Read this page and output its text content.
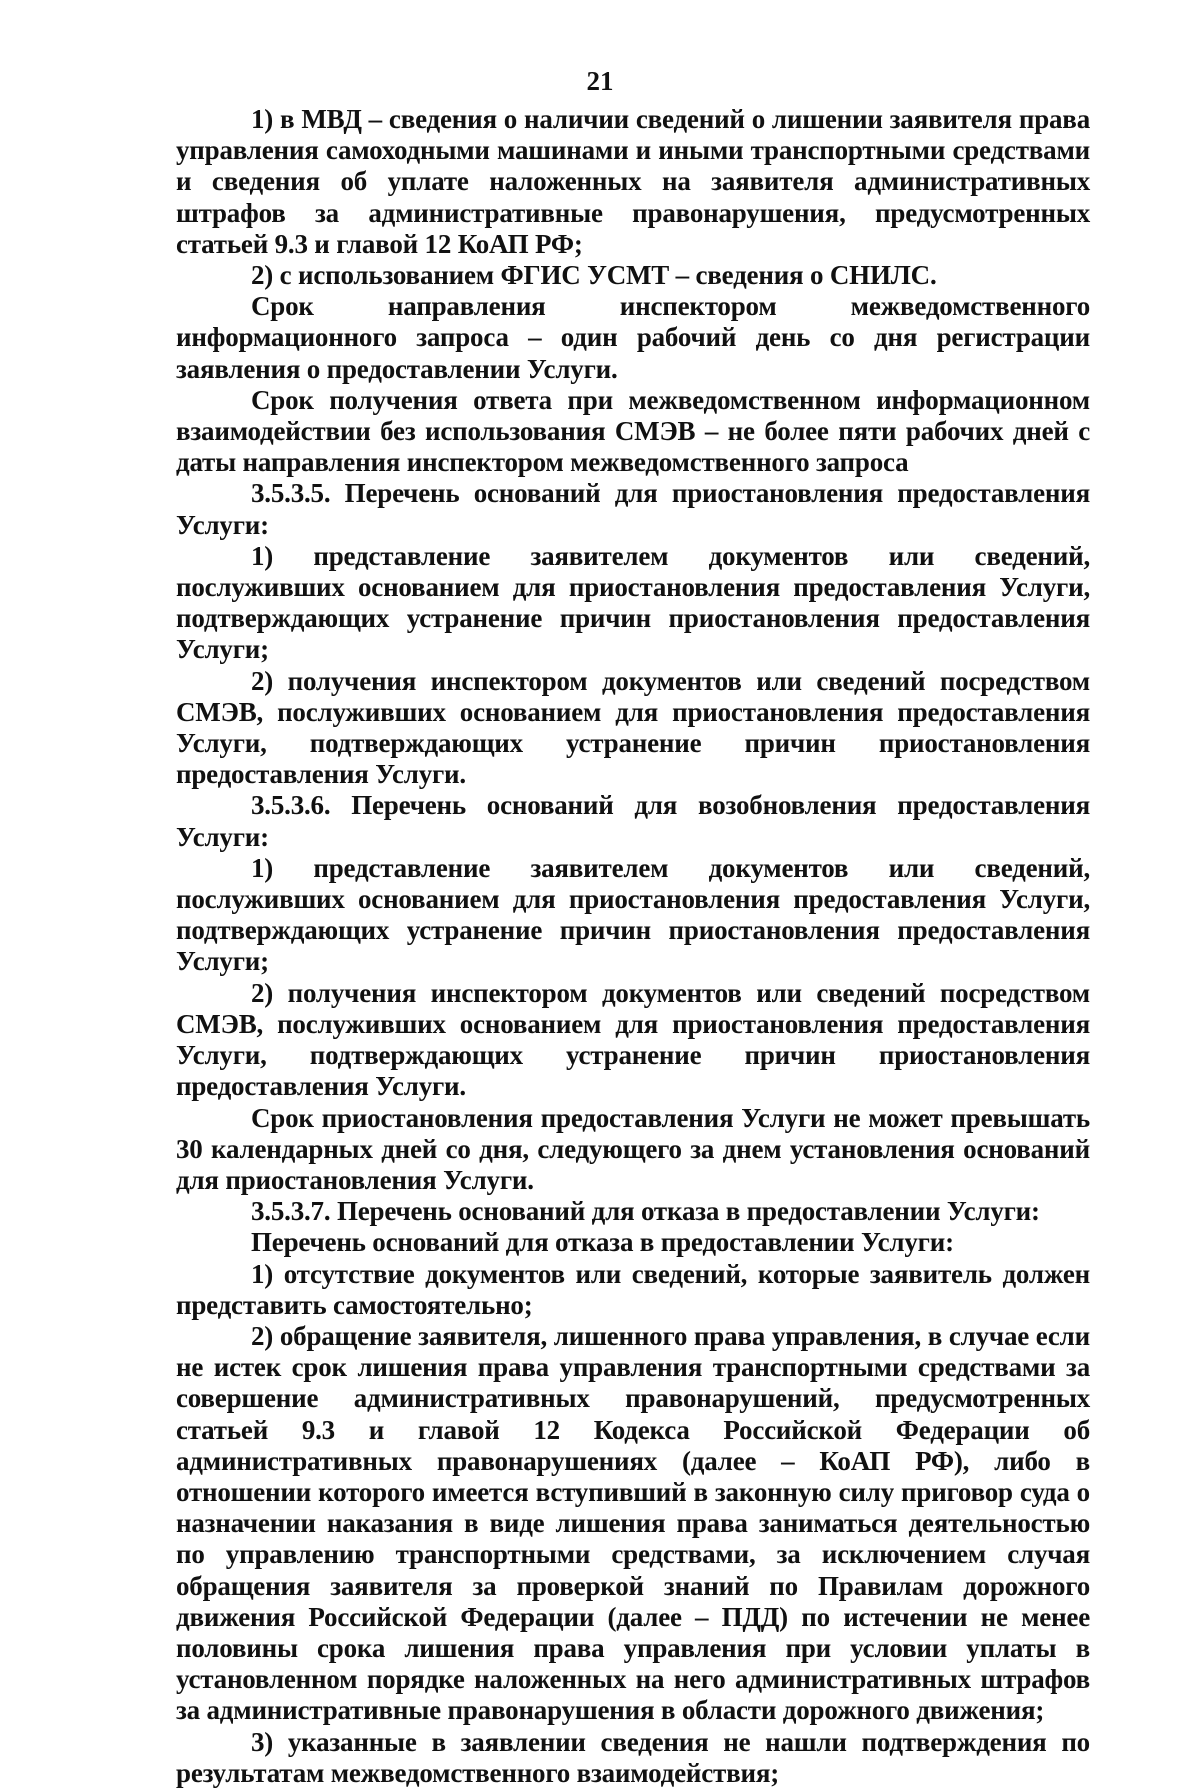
21

1) в МВД – сведения о наличии сведений о лишении заявителя права управления самоходными машинами и иными транспортными средствами и сведения об уплате наложенных на заявителя административных штрафов за административные правонарушения, предусмотренных статьей 9.3 и главой 12 КоАП РФ;

2) с использованием ФГИС УСМТ – сведения о СНИЛС.

Срок направления инспектором межведомственного информационного запроса – один рабочий день со дня регистрации заявления о предоставлении Услуги.

Срок получения ответа при межведомственном информационном взаимодействии без использования СМЭВ – не более пяти рабочих дней с даты направления инспектором межведомственного запроса

3.5.3.5. Перечень оснований для приостановления предоставления Услуги:

1) представление заявителем документов или сведений, послуживших основанием для приостановления предоставления Услуги, подтверждающих устранение причин приостановления предоставления Услуги;

2) получения инспектором документов или сведений посредством СМЭВ, послуживших основанием для приостановления предоставления Услуги, подтверждающих устранение причин приостановления предоставления Услуги.

3.5.3.6. Перечень оснований для возобновления предоставления Услуги:

1) представление заявителем документов или сведений, послуживших основанием для приостановления предоставления Услуги, подтверждающих устранение причин приостановления предоставления Услуги;

2) получения инспектором документов или сведений посредством СМЭВ, послуживших основанием для приостановления предоставления Услуги, подтверждающих устранение причин приостановления предоставления Услуги.

Срок приостановления предоставления Услуги не может превышать 30 календарных дней со дня, следующего за днем установления оснований для приостановления Услуги.

3.5.3.7. Перечень оснований для отказа в предоставлении Услуги:

Перечень оснований для отказа в предоставлении Услуги:

1) отсутствие документов или сведений, которые заявитель должен представить самостоятельно;

2) обращение заявителя, лишенного права управления, в случае если не истек срок лишения права управления транспортными средствами за совершение административных правонарушений, предусмотренных статьей 9.3 и главой 12 Кодекса Российской Федерации об административных правонарушениях (далее – КоАП РФ), либо в отношении которого имеется вступивший в законную силу приговор суда о назначении наказания в виде лишения права заниматься деятельностью по управлению транспортными средствами, за исключением случая обращения заявителя за проверкой знаний по Правилам дорожного движения Российской Федерации (далее – ПДД) по истечении не менее половины срока лишения права управления при условии уплаты в установленном порядке наложенных на него административных штрафов за административные правонарушения в области дорожного движения;

3) указанные в заявлении сведения не нашли подтверждения по результатам межведомственного взаимодействия;
